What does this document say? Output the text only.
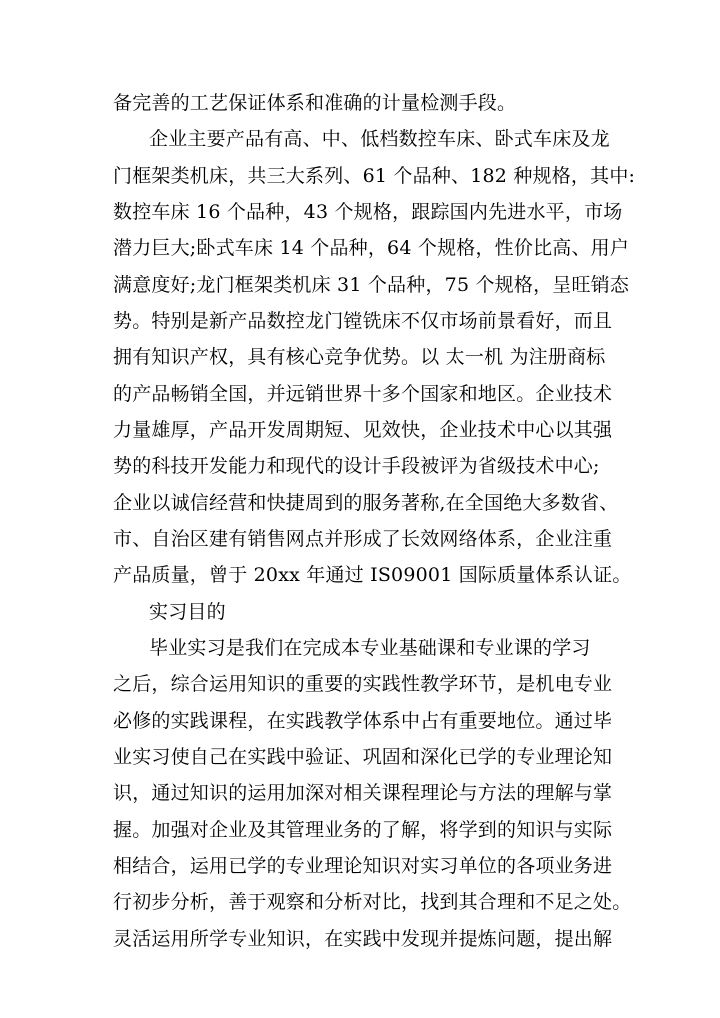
备完善的工艺保证体系和准确的计量检测手段。
企业主要产品有高、中、低档数控车床、卧式车床及龙
门框架类机床，共三大系列、61 个品种、182 种规格，其中:
数控车床 16 个品种，43 个规格，跟踪国内先进水平，市场
潜力巨大;卧式车床 14 个品种，64 个规格，性价比高、用户
满意度好;龙门框架类机床 31 个品种，75 个规格，呈旺销态
势。特别是新产品数控龙门镗铣床不仅市场前景看好，而且
拥有知识产权，具有核心竞争优势。以 太一机 为注册商标
的产品畅销全国，并远销世界十多个国家和地区。企业技术
力量雄厚，产品开发周期短、见效快，企业技术中心以其强
势的科技开发能力和现代的设计手段被评为省级技术中心;
企业以诚信经营和快捷周到的服务著称,在全国绝大多数省、
市、自治区建有销售网点并形成了长效网络体系，企业注重
产品质量，曾于 20xx 年通过 IS09001 国际质量体系认证。
实习目的
毕业实习是我们在完成本专业基础课和专业课的学习
之后，综合运用知识的重要的实践性教学环节，是机电专业
必修的实践课程，在实践教学体系中占有重要地位。通过毕
业实习使自己在实践中验证、巩固和深化已学的专业理论知
识，通过知识的运用加深对相关课程理论与方法的理解与掌
握。加强对企业及其管理业务的了解，将学到的知识与实际
相结合，运用已学的专业理论知识对实习单位的各项业务进
行初步分析，善于观察和分析对比，找到其合理和不足之处。
灵活运用所学专业知识，在实践中发现并提炼问题，提出解
